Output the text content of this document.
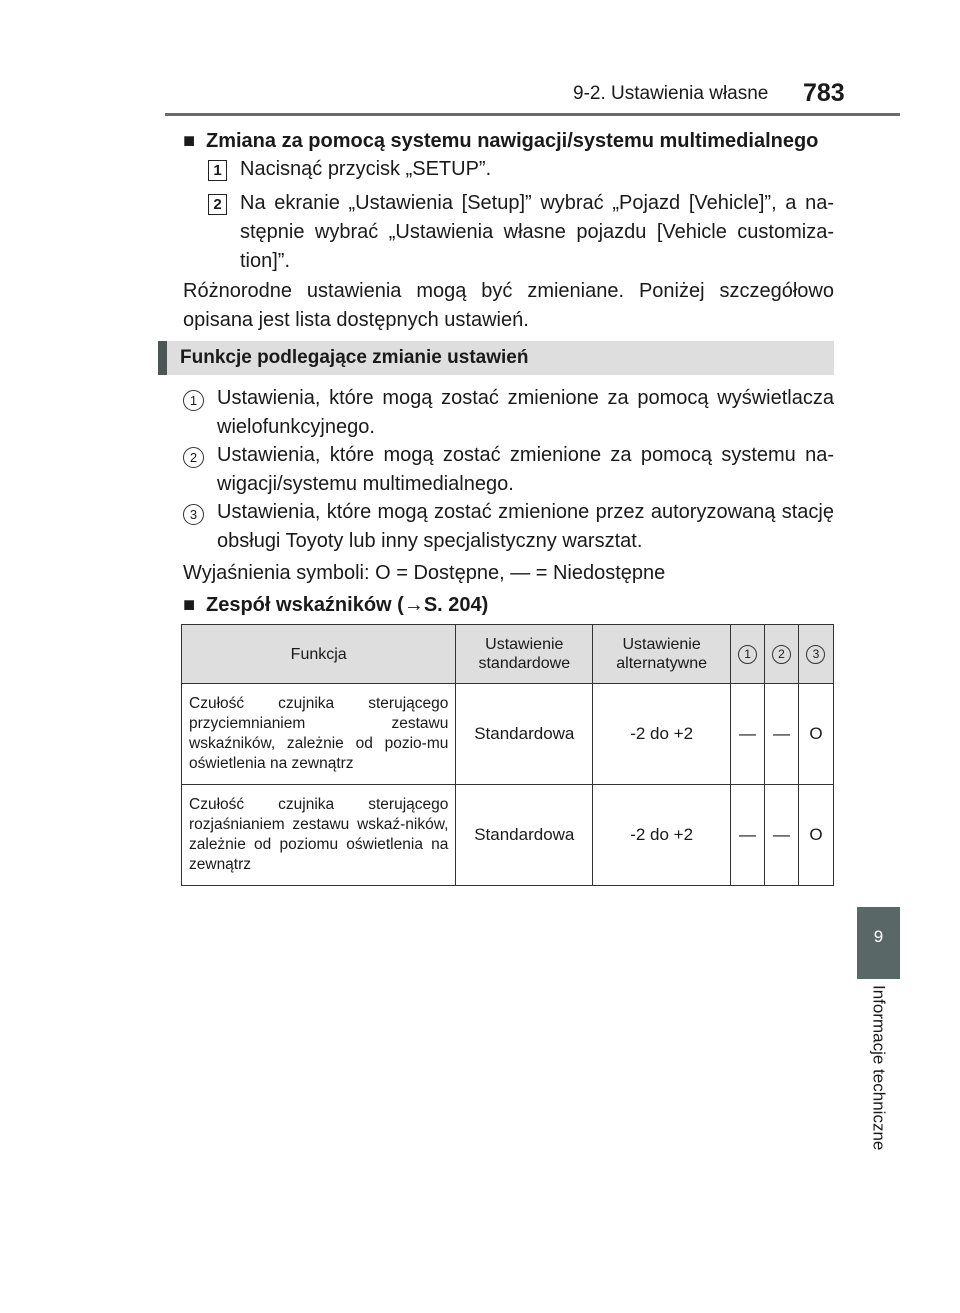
9-2. Ustawienia własne 783
9
Informacje techniczne
■ Zmiana za pomocą systemu nawigacji/systemu multimedialnego
1 Nacisnąć przycisk „SETUP”.
2 Na ekranie „Ustawienia [Setup]” wybrać „Pojazd [Vehicle]”, a na-stępnie wybrać „Ustawienia własne pojazdu [Vehicle customiza-tion]”.
Różnorodne ustawienia mogą być zmieniane. Poniżej szczegółowo opisana jest lista dostępnych ustawień.
Funkcje podlegające zmianie ustawień
1 Ustawienia, które mogą zostać zmienione za pomocą wyświetlacza wielofunkcyjnego.
2 Ustawienia, które mogą zostać zmienione za pomocą systemu na-wigacji/systemu multimedialnego.
3 Ustawienia, które mogą zostać zmienione przez autoryzowaną stację obsługi Toyoty lub inny specjalistyczny warsztat.
Wyjaśnienia symboli: O = Dostępne, — = Niedostępne
■ Zespół wskaźników (→S. 204)
Funkcja	Ustawienie standardowe	Ustawienie alternatywne	1	2	3
Czułość czujnika sterującego przyciemnianiem zestawu wskaźników, zależnie od pozio-mu oświetlenia na zewnątrz	Standardowa	-2 do +2	—	—	O
Czułość czujnika sterującego rozjaśnianiem zestawu wskaź-ników, zależnie od poziomu oświetlenia na zewnątrz	Standardowa	-2 do +2	—	—	O
